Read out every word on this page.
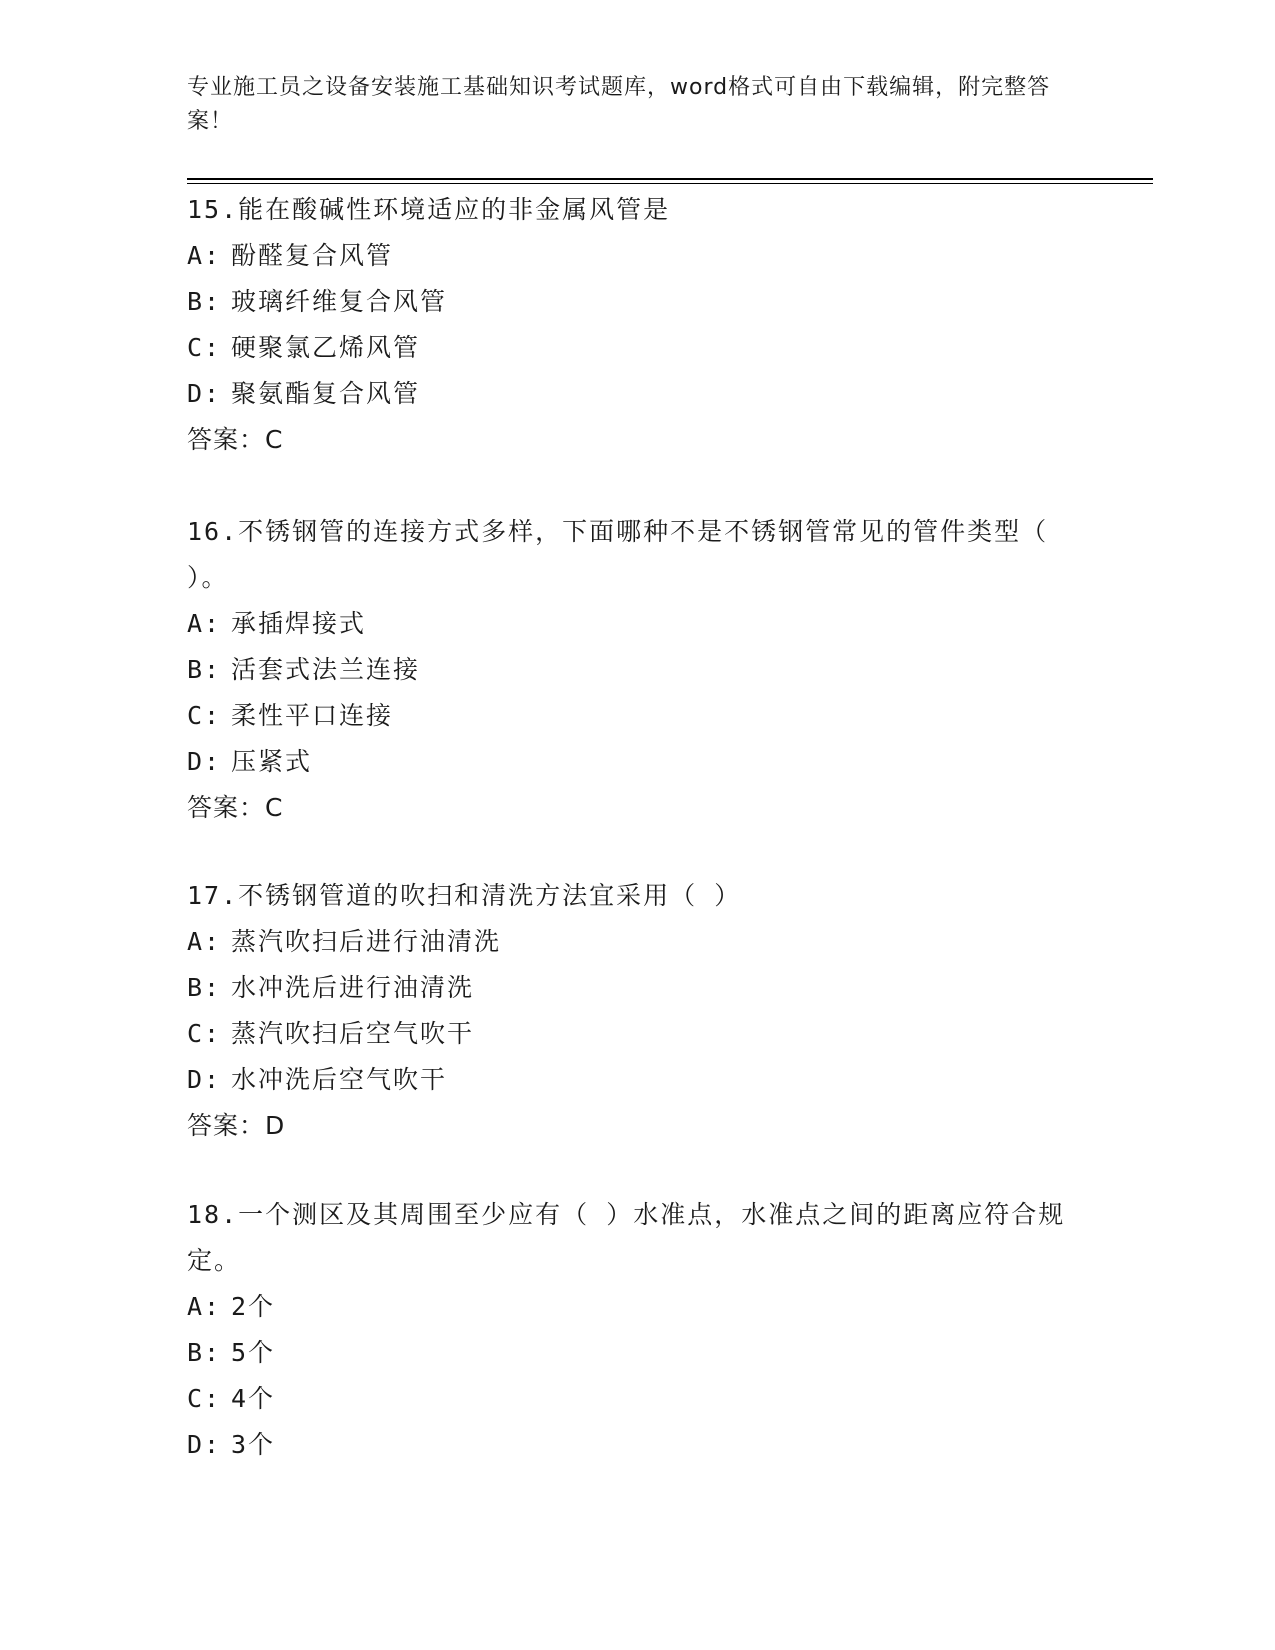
专业施工员之设备安装施工基础知识考试题库，word格式可自由下载编辑，附完整答案！
15.能在酸碱性环境适应的非金属风管是
A: 酚醛复合风管
B: 玻璃纤维复合风管
C: 硬聚氯乙烯风管
D: 聚氨酯复合风管
答案：C
16.不锈钢管的连接方式多样，下面哪种不是不锈钢管常见的管件类型（ ）。
A: 承插焊接式
B: 活套式法兰连接
C: 柔性平口连接
D: 压紧式
答案：C
17.不锈钢管道的吹扫和清洗方法宜采用（ ）
A: 蒸汽吹扫后进行油清洗
B: 水冲洗后进行油清洗
C: 蒸汽吹扫后空气吹干
D: 水冲洗后空气吹干
答案：D
18.一个测区及其周围至少应有（ ）水准点，水准点之间的距离应符合规定。
A: 2个
B: 5个
C: 4个
D: 3个
